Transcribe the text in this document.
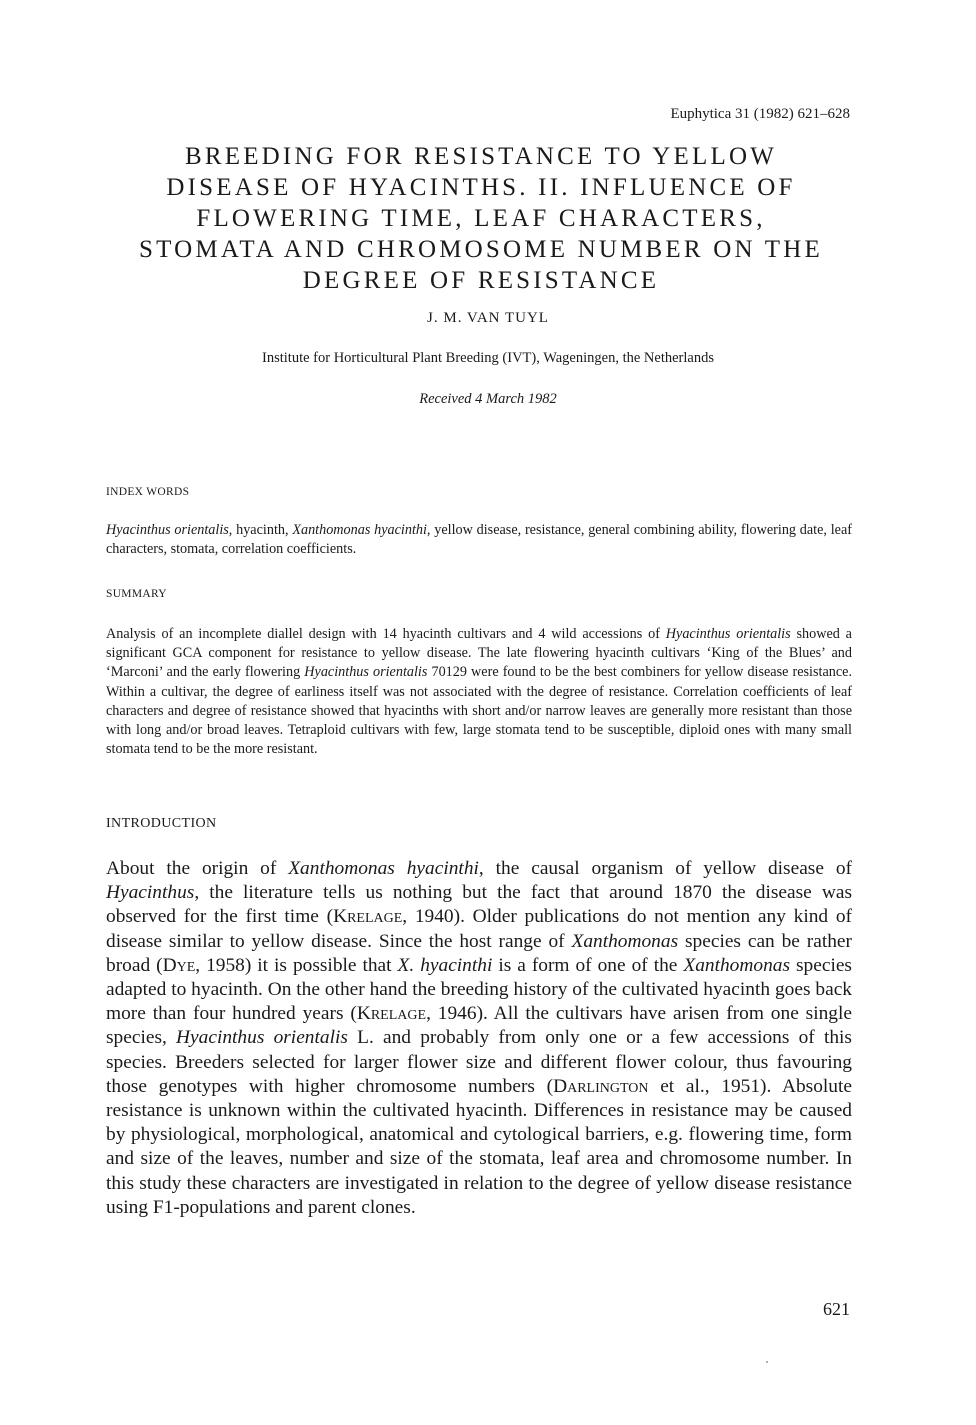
Euphytica 31 (1982) 621–628
BREEDING FOR RESISTANCE TO YELLOW
DISEASE OF HYACINTHS. II. INFLUENCE OF
FLOWERING TIME, LEAF CHARACTERS,
STOMATA AND CHROMOSOME NUMBER ON THE
DEGREE OF RESISTANCE
J. M. VAN TUYL
Institute for Horticultural Plant Breeding (IVT), Wageningen, the Netherlands
Received 4 March 1982
INDEX WORDS
Hyacinthus orientalis, hyacinth, Xanthomonas hyacinthi, yellow disease, resistance, general combining ability, flowering date, leaf characters, stomata, correlation coefficients.
SUMMARY
Analysis of an incomplete diallel design with 14 hyacinth cultivars and 4 wild accessions of Hyacinthus orientalis showed a significant GCA component for resistance to yellow disease. The late flowering hyacinth cultivars ‘King of the Blues’ and ‘Marconi’ and the early flowering Hyacinthus orientalis 70129 were found to be the best combiners for yellow disease resistance. Within a cultivar, the degree of earliness itself was not associated with the degree of resistance. Correlation coefficients of leaf characters and degree of resistance showed that hyacinths with short and/or narrow leaves are generally more resistant than those with long and/or broad leaves. Tetraploid cultivars with few, large stomata tend to be susceptible, diploid ones with many small stomata tend to be the more resistant.
INTRODUCTION
About the origin of Xanthomonas hyacinthi, the causal organism of yellow disease of Hyacinthus, the literature tells us nothing but the fact that around 1870 the disease was observed for the first time (Krelage, 1940). Older publications do not mention any kind of disease similar to yellow disease. Since the host range of Xanthomonas species can be rather broad (Dye, 1958) it is possible that X. hyacinthi is a form of one of the Xanthomonas species adapted to hyacinth. On the other hand the breeding history of the cultivated hyacinth goes back more than four hundred years (Krelage, 1946). All the cultivars have arisen from one single species, Hyacinthus orientalis L. and probably from only one or a few accessions of this species. Breeders selected for larger flower size and different flower colour, thus favouring those genotypes with higher chromosome numbers (Darlington et al., 1951). Absolute resistance is unknown within the cultivated hyacinth. Differences in resistance may be caused by physiological, morphological, anatomical and cytological barriers, e.g. flowering time, form and size of the leaves, number and size of the stomata, leaf area and chromosome number. In this study these characters are investigated in relation to the degree of yellow disease resistance using F1-populations and parent clones.
621
